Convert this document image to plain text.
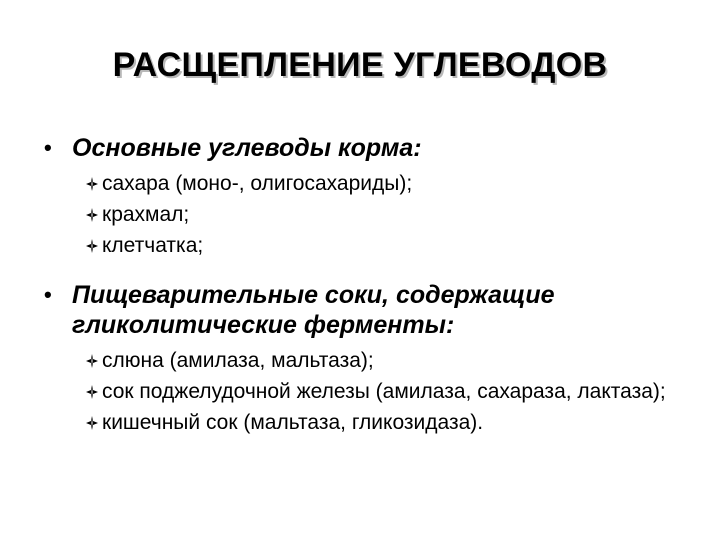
РАСЩЕПЛЕНИЕ УГЛЕВОДОВ
• Основные углеводы корма:
сахара (моно-, олигосахариды);
крахмал;
клетчатка;
• Пищеварительные соки, содержащие гликолитические ферменты:
слюна (амилаза, мальтаза);
сок поджелудочной железы (амилаза, сахараза, лактаза);
кишечный сок (мальтаза, гликозидаза).
